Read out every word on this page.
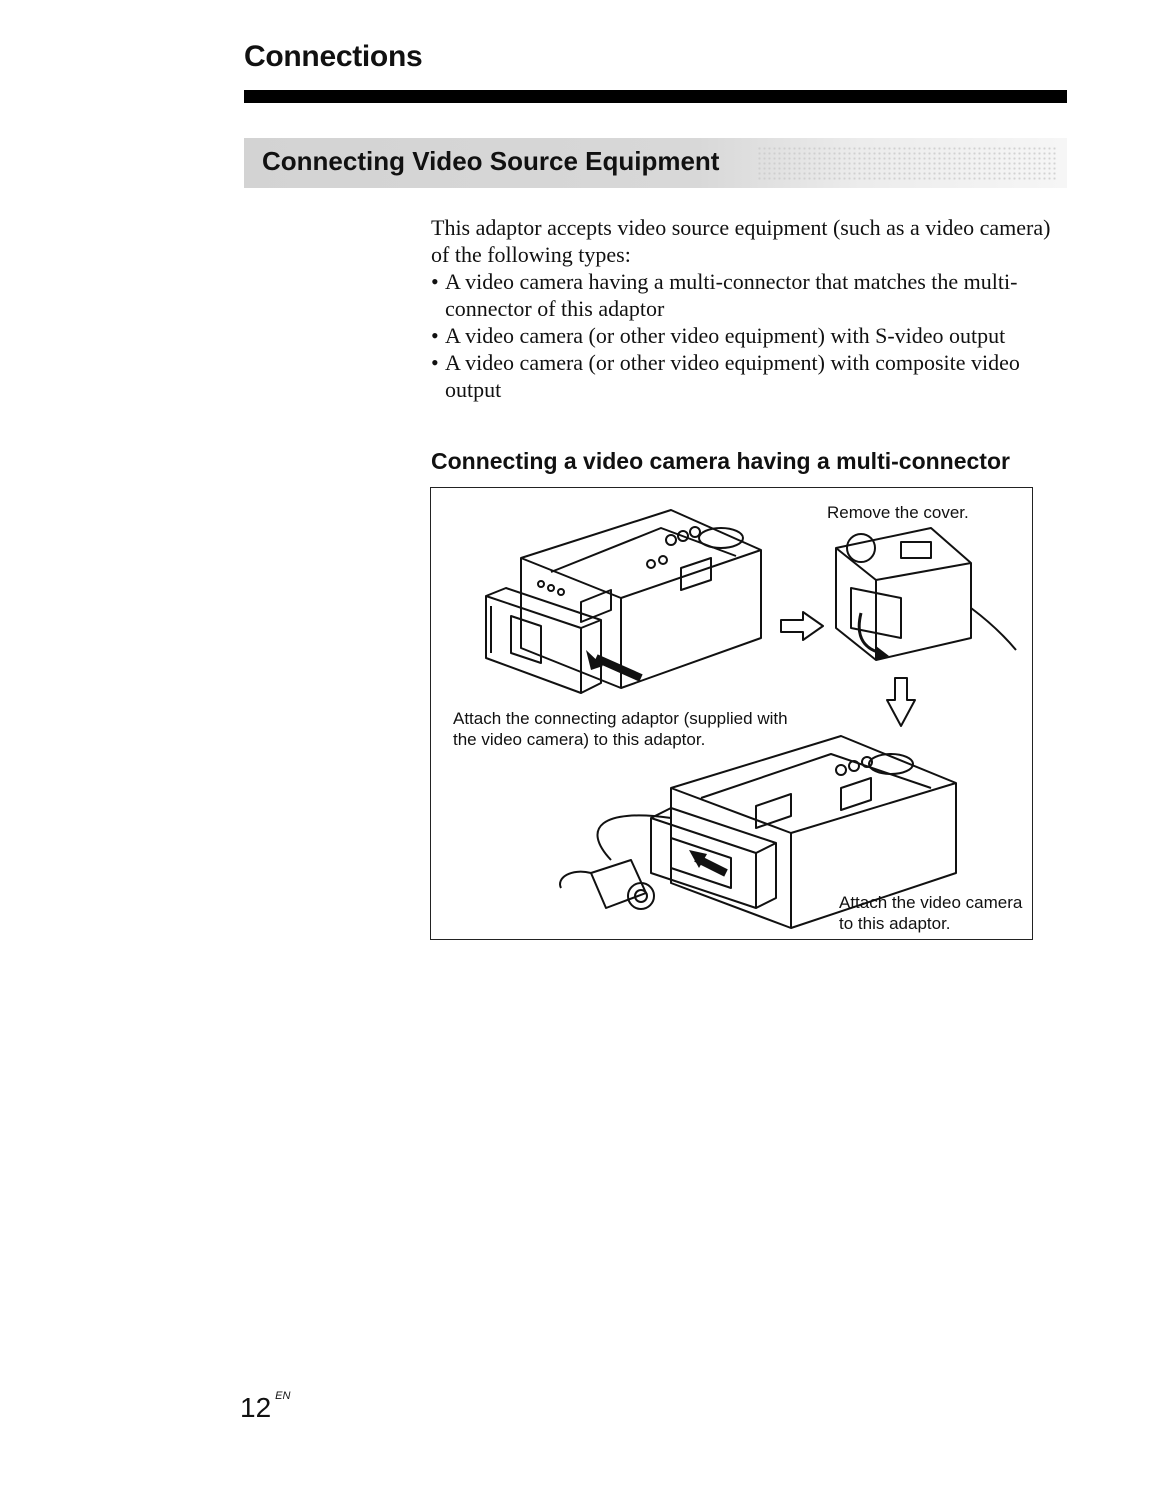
Connections
Connecting Video Source Equipment

This adaptor accepts video source equipment (such as a video camera) of the following types:

• A video camera having a multi-connector that matches the multi-connector of this adaptor
• A video camera (or other video equipment) with S-video output
• A video camera (or other video equipment) with composite video output
Connecting a video camera having a multi-connector

Remove the cover.

Attach the connecting adaptor (supplied with the video camera) to this adaptor.

Attach the video camera to this adaptor.

12 $^{EN}$
